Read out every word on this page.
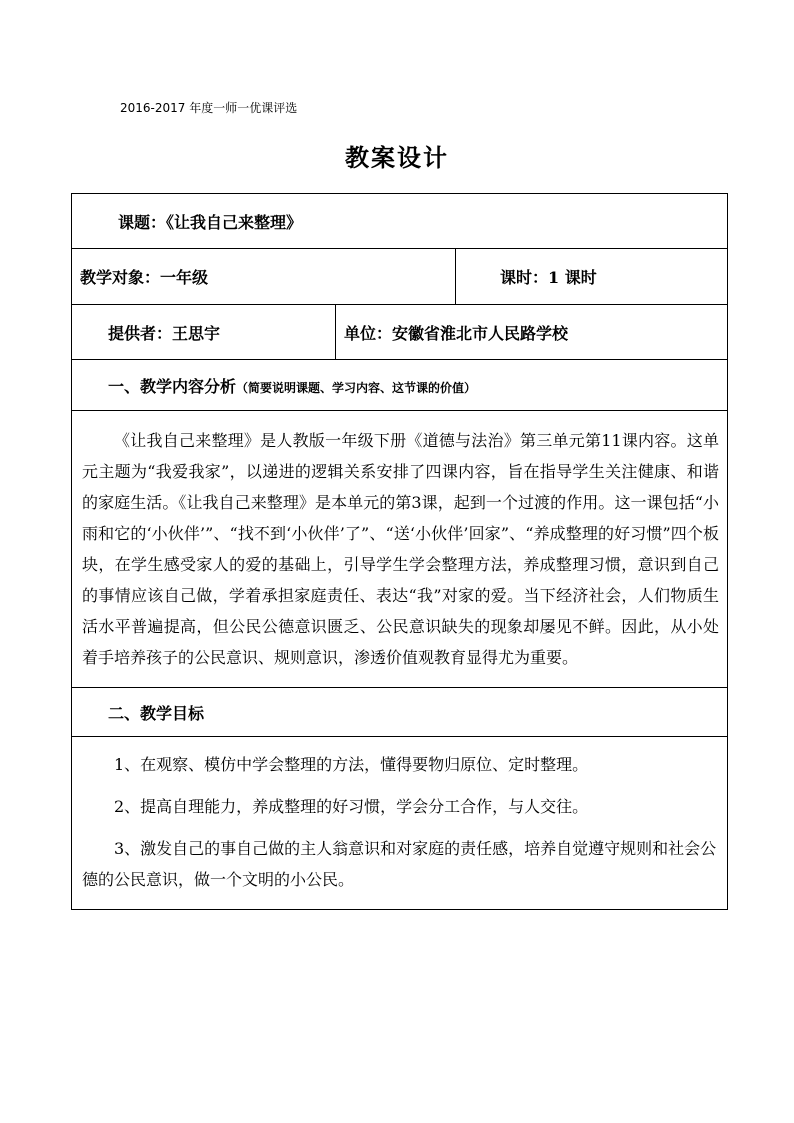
2016-2017 年度一师一优课评选
教案设计
课题：《让我自己来整理》		
教学对象：一年级		课时：1 课时
提供者：王思宇	单位：安徽省淮北市人民路学校	
一、教学内容分析（简要说明课题、学习内容、这节课的价值）		

《让我自己来整理》是人教版一年级下册《道德与法治》第三单元第11课内容。这单元主题为“我爱我家”，以递进的逻辑关系安排了四课内容，旨在指导学生关注健康、和谐的家庭生活。《让我自己来整理》是本单元的第3课，起到一个过渡的作用。这一课包括“小雨和它的‘小伙伴’”、“找不到‘小伙伴’了”、“送‘小伙伴’回家”、“养成整理的好习惯”四个板块，在学生感受家人的爱的基础上，引导学生学会整理方法，养成整理习惯，意识到自己的事情应该自己做，学着承担家庭责任、表达“我”对家的爱。当下经济社会，人们物质生活水平普遍提高，但公民公德意识匮乏、公民意识缺失的现象却屡见不鲜。因此，从小处着手培养孩子的公民意识、规则意识，渗透价值观教育显得尤为重要。		

二、教学目标		

1、在观察、模仿中学会整理的方法，懂得要物归原位、定时整理。

2、提高自理能力，养成整理的好习惯，学会分工合作，与人交往。

3、激发自己的事自己做的主人翁意识和对家庭的责任感，培养自觉遵守规则和社会公德的公民意识，做一个文明的小公民。		
